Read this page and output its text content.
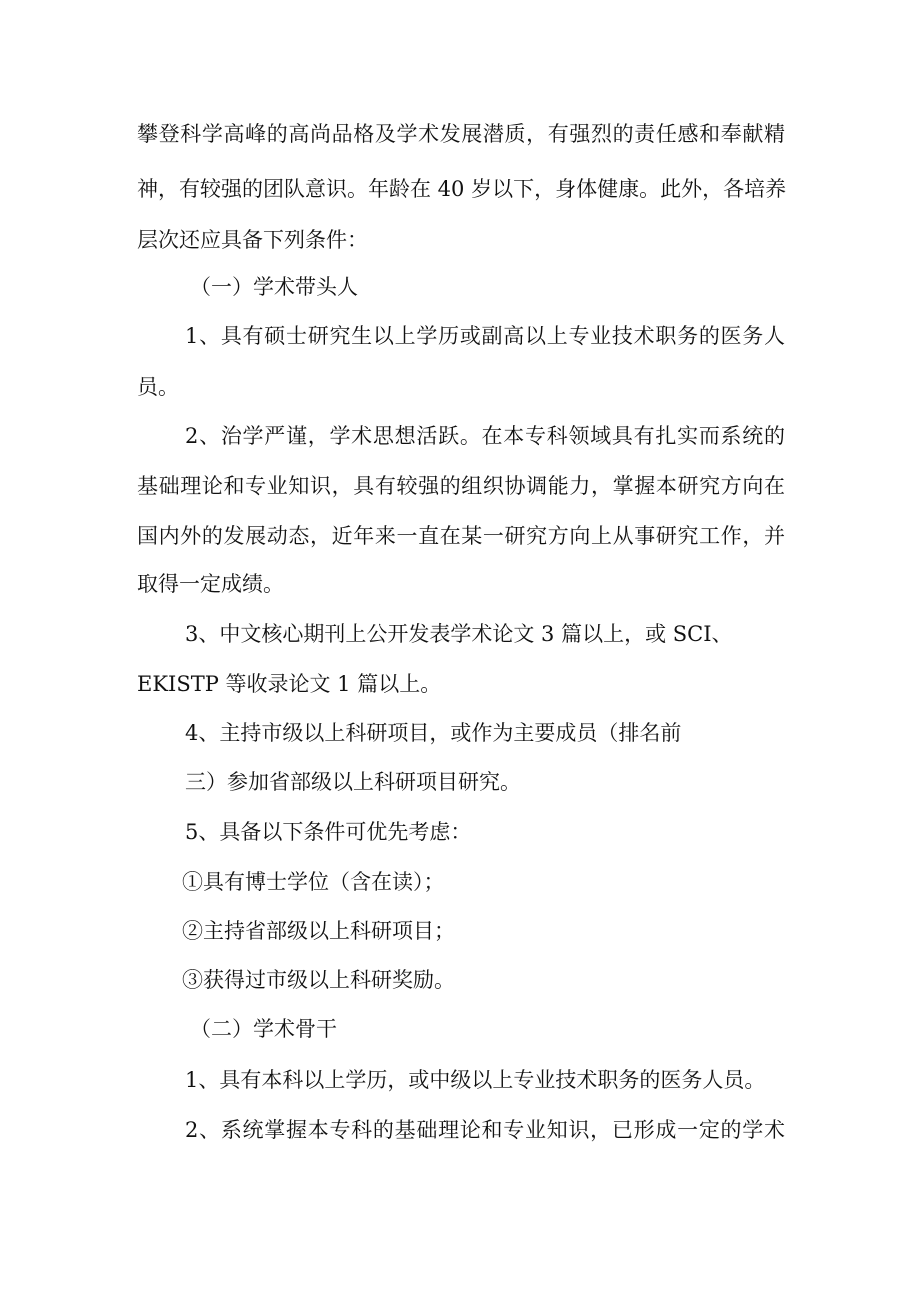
攀登科学高峰的高尚品格及学术发展潜质，有强烈的责任感和奉献精

神，有较强的团队意识。年龄在 40 岁以下，身体健康。此外，各培养

层次还应具备下列条件：

（一）学术带头人

1、具有硕士研究生以上学历或副高以上专业技术职务的医务人

员。

2、治学严谨，学术思想活跃。在本专科领域具有扎实而系统的

基础理论和专业知识，具有较强的组织协调能力，掌握本研究方向在

国内外的发展动态，近年来一直在某一研究方向上从事研究工作，并

取得一定成绩。

3、中文核心期刊上公开发表学术论文 3 篇以上，或 SCI、

EKISTP 等收录论文 1 篇以上。

4、主持市级以上科研项目，或作为主要成员（排名前

三）参加省部级以上科研项目研究。

5、具备以下条件可优先考虑：

①具有博士学位（含在读）；

②主持省部级以上科研项目；

③获得过市级以上科研奖励。

（二）学术骨干

1、具有本科以上学历，或中级以上专业技术职务的医务人员。

2、系统掌握本专科的基础理论和专业知识，已形成一定的学术
